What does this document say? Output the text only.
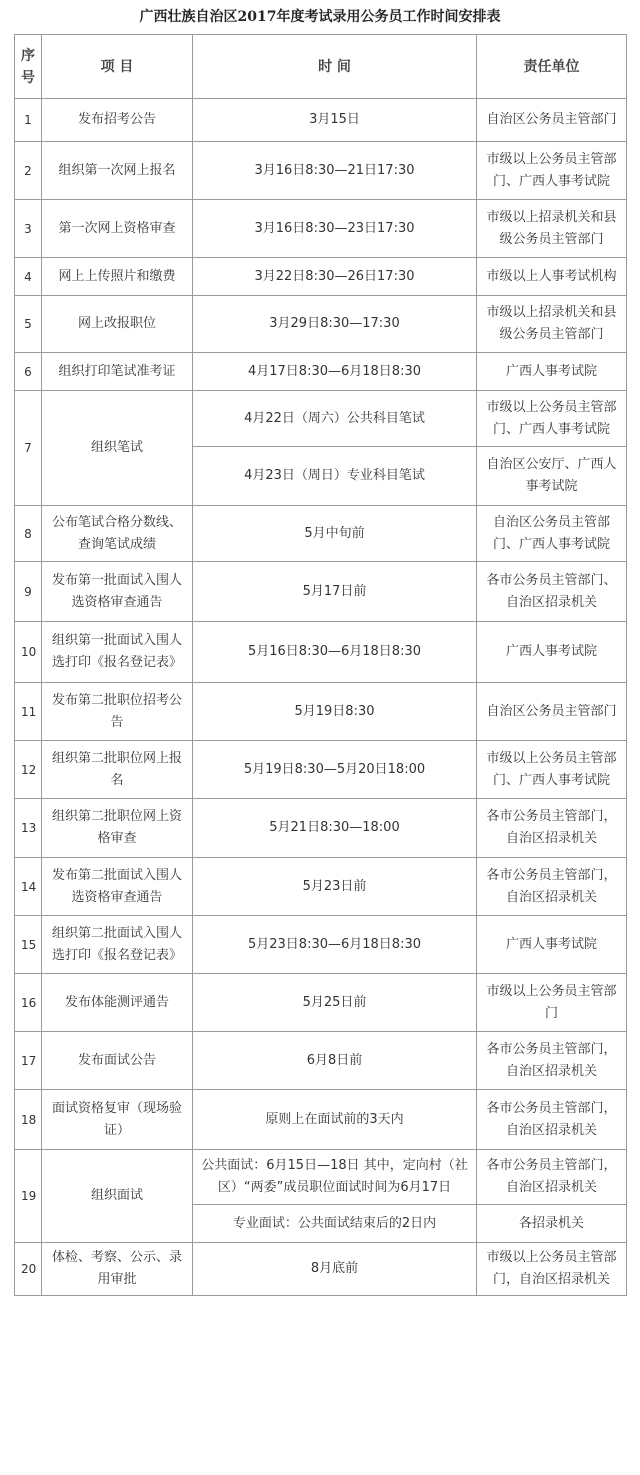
广西壮族自治区2017年度考试录用公务员工作时间安排表
序号	项 目	时 间	责任单位
1	发布招考公告	3月15日	自治区公务员主管部门
2	组织第一次网上报名	3月16日8:30—21日17:30	市级以上公务员主管部门、广西人事考试院
3	第一次网上资格审查	3月16日8:30—23日17:30	市级以上招录机关和县级公务员主管部门
4	网上上传照片和缴费	3月22日8:30—26日17:30	市级以上人事考试机构
5	网上改报职位	3月29日8:30—17:30	市级以上招录机关和县级公务员主管部门
6	组织打印笔试准考证	4月17日8:30—6月18日8:30	广西人事考试院
7	组织笔试	4月22日（周六）公共科目笔试	市级以上公务员主管部门、广西人事考试院
		4月23日（周日）专业科目笔试	自治区公安厅、广西人事考试院
8	公布笔试合格分数线、查询笔试成绩	5月中旬前	自治区公务员主管部门、广西人事考试院
9	发布第一批面试入围人选资格审查通告	5月17日前	各市公务员主管部门、自治区招录机关
10	组织第一批面试入围人选打印《报名登记表》	5月16日8:30—6月18日8:30	广西人事考试院
11	发布第二批职位招考公告	5月19日8:30	自治区公务员主管部门
12	组织第二批职位网上报名	5月19日8:30—5月20日18:00	市级以上公务员主管部门、广西人事考试院
13	组织第二批职位网上资格审查	5月21日8:30—18:00	各市公务员主管部门，自治区招录机关
14	发布第二批面试入围人选资格审查通告	5月23日前	各市公务员主管部门，自治区招录机关
15	组织第二批面试入围人选打印《报名登记表》	5月23日8:30—6月18日8:30	广西人事考试院
16	发布体能测评通告	5月25日前	市级以上公务员主管部门
17	发布面试公告	6月8日前	各市公务员主管部门，自治区招录机关
18	面试资格复审（现场验证）	原则上在面试前的3天内	各市公务员主管部门，自治区招录机关
19	组织面试	公共面试：6月15日—18日 其中，定向村（社区）“两委”成员职位面试时间为6月17日	各市公务员主管部门，自治区招录机关
		专业面试：公共面试结束后的2日内	各招录机关
20	体检、考察、公示、录用审批	8月底前	市级以上公务员主管部门，自治区招录机关
